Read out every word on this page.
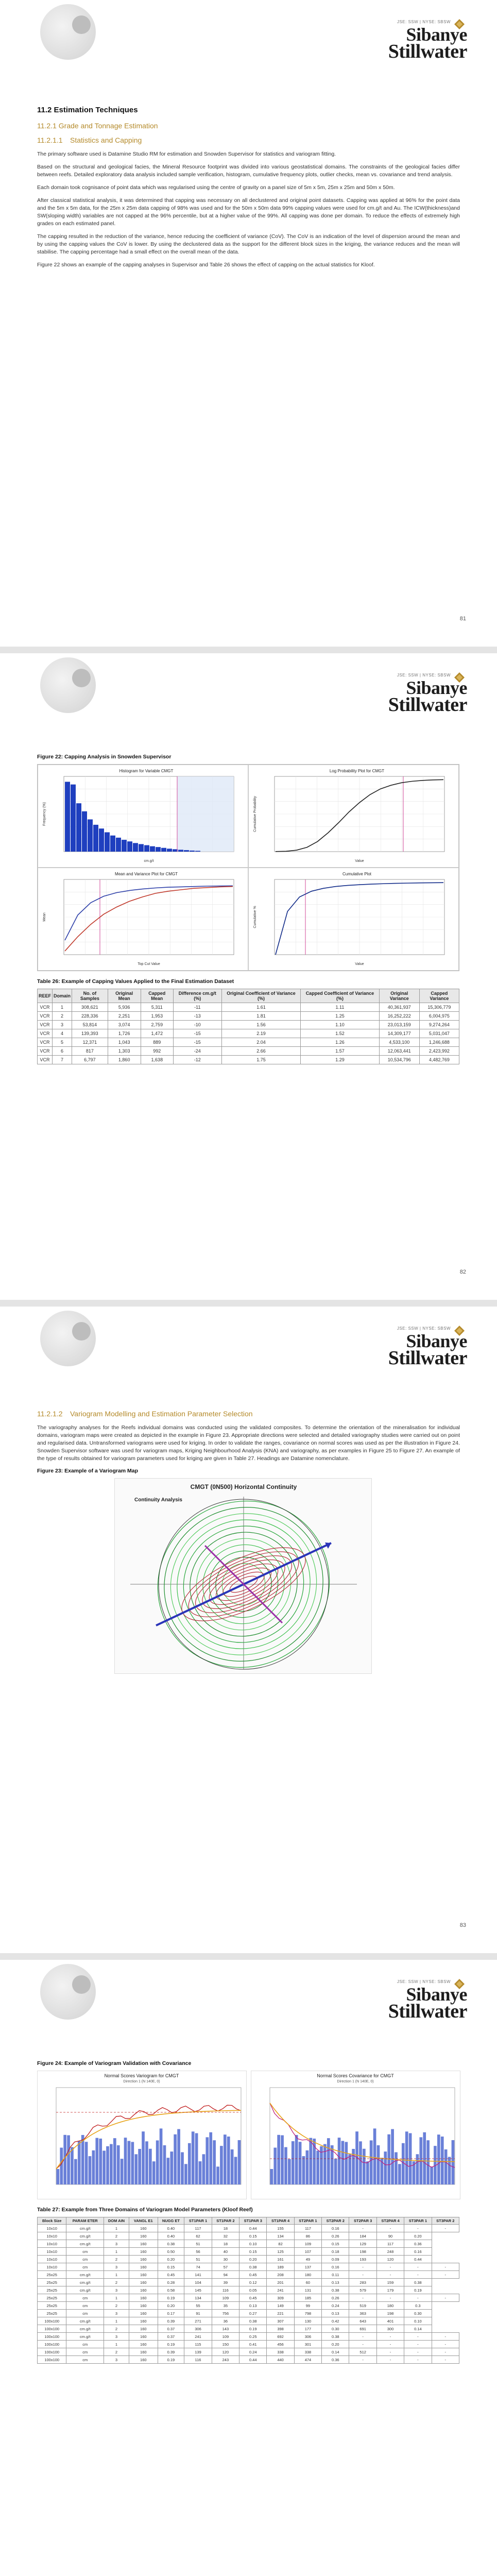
JSE: SSW | NYSE: SBSW
Sibanye
Stillwater
11.2 Estimation Techniques
11.2.1 Grade and Tonnage Estimation
11.2.1.1 Statistics and Capping

The primary software used is Datamine Studio RM for estimation and Snowden Supervisor for statistics and variogram fitting.

Based on the structural and geological facies, the Mineral Resource footprint was divided into various geostatistical domains. The constraints of the geological facies differ between reefs. Detailed exploratory data analysis included sample verification, histogram, cumulative frequency plots, outlier checks, mean vs. covariance and trend analysis.

Each domain took cognisance of point data which was regularised using the centre of gravity on a panel size of 5m x 5m, 25m x 25m and 50m x 50m.

After classical statistical analysis, it was determined that capping was necessary on all declustered and original point datasets. Capping was applied at 96% for the point data and the 5m x 5m data, for the 25m x 25m data capping of 98% was used and for the 50m x 50m data 99% capping values were used for cm.g/t and Au. The ICW(thickness)and SW(sloping width) variables are not capped at the 96% percentile, but at a higher value of the 99%. All capping was done per domain. To reduce the effects of extremely high grades on each estimated panel.

The capping resulted in the reduction of the variance, hence reducing the coefficient of variance (CoV). The CoV is an indication of the level of dispersion around the mean and by using the capping values the CoV is lower. By using the declustered data as the support for the different block sizes in the kriging, the variance reduces and the mean will stabilise. The capping percentage had a small effect on the overall mean of the data.

Figure 22 shows an example of the capping analyses in Supervisor and Table 26 shows the effect of capping on the actual statistics for Kloof.

81
JSE: SSW | NYSE: SBSW
Sibanye
Stillwater
Figure 22: Capping Analysis in Snowden Supervisor
Histogram for Variable CMGT
cm.g/t
Frequency (%)
Log Probability Plot for CMGT
Value
Cumulative Probability
Mean and Variance Plot for CMGT
Top Cut Value
Mean
Cumulative Plot
Value
Cumulative %
Table 26: Example of Capping Values Applied to the Final Estimation Dataset
REEF	Domain	No. of Samples	Original Mean	Capped Mean	Difference cm.g/t (%)	Original Coefficient of Variance (%)	Capped Coefficient of Variance (%)	Original Variance	Capped Variance
VCR	1	308,621	5,936	5,311	-11	1.61	1.11	40,361,937	15,306,779
VCR	2	228,336	2,251	1,953	-13	1.81	1.25	16,252,222	6,004,975
VCR	3	53,814	3,074	2,759	-10	1.56	1.10	23,013,159	9,274,264
VCR	4	139,393	1,726	1,472	-15	2.19	1.52	14,309,177	5,031,047
VCR	5	12,371	1,043	889	-15	2.04	1.26	4,533,100	1,246,688
VCR	6	817	1,303	992	-24	2.66	1.57	12,063,441	2,423,992
VCR	7	6,797	1,860	1,638	-12	1.75	1.29	10,534,796	4,482,769
82
JSE: SSW | NYSE: SBSW
Sibanye
Stillwater
11.2.1.2 Variogram Modelling and Estimation Parameter Selection

The variography analyses for the Reefs individual domains was conducted using the validated composites. To determine the orientation of the mineralisation for individual domains, variogram maps were created as depicted in the example in Figure 23. Appropriate directions were selected and detailed variography studies were carried out on point and regularised data. Untransformed variograms were used for kriging. In order to validate the ranges, covariance on normal scores was used as per the illustration in Figure 24. Snowden Supervisor software was used for variogram maps, Kriging Neighbourhood Analysis (KNA) and variography, as per examples in Figure 25 to Figure 27. An example of the type of results obtained for variogram parameters used for kriging are given in Table 27. Headings are Datamine nomenclature.

Figure 23: Example of a Variogram Map
CMGT (0N500) Horizontal Continuity
Continuity Analysis
83
JSE: SSW | NYSE: SBSW
Sibanye
Stillwater
Figure 24: Example of Variogram Validation with Covariance
Normal Scores Variogram for CMGT
Direction 1 (N 140E, 0)
Normal Scores Covariance for CMGT
Direction 1 (N 140E, 0)
Table 27: Example from Three Domains of Variogram Model Parameters (Kloof Reef)
Block Size	PARAM ETER	DOM AIN	VANGL E1	NUGG ET	ST1PAR 1	ST1PAR 2	ST1PAR 3	ST1PAR 4	ST2PAR 1	ST2PAR 2	ST2PAR 3	ST2PAR 4	ST3PAR 1	ST3PAR 2
10x10	cm.g/t	1	160	0.40	117	18	0.44	155	117	0.16	-	-	-	-
10x10	cm.g/t	2	160	0.40	62	32	0.15	134	86	0.26	184	90	0.20	
10x10	cm.g/t	3	160	0.38	51	18	0.10	82	109	0.15	129	117	0.36	
10x10	cm	1	160	0.50	56	40	0.15	125	107	0.18	198	248	0.16	
10x10	cm	2	160	0.20	51	30	0.20	161	49	0.09	193	120	0.44	
10x10	cm	3	160	0.15	74	57	0.38	189	137	0.16	-	-	-	-
25x25	cm.g/t	1	160	0.45	141	94	0.45	208	180	0.11	-	-	-	-
25x25	cm.g/t	2	160	0.28	104	39	0.12	201	60	0.13	283	159	0.38	
25x25	cm.g/t	3	160	0.58	145	116	0.05	241	131	0.38	579	179	0.19	
25x25	cm	1	160	0.19	134	109	0.45	309	185	0.26	-	-	-	-
25x25	cm	2	160	0.20	55	35	0.13	149	99	0.24	519	180	0.3	
25x25	cm	3	160	0.17	91	756	0.27	221	798	0.13	363	198	0.30	
100x100	cm.g/t	1	160	0.39	271	36	0.38	307	130	0.42	643	401	0.10	
100x100	cm.g/t	2	160	0.37	306	143	0.19	398	177	0.30	691	300	0.14	
100x100	cm.g/t	3	160	0.37	241	109	0.25	692	306	0.38	-	-	-	-
100x100	cm	1	160	0.19	115	150	0.41	456	301	0.20	-	-	-	-
100x100	cm	2	160	0.39	139	120	0.24	338	338	0.14	512	-	-	-
100x100	cm	3	160	0.19	116	243	0.44	440	474	0.36	-	-	-	-
